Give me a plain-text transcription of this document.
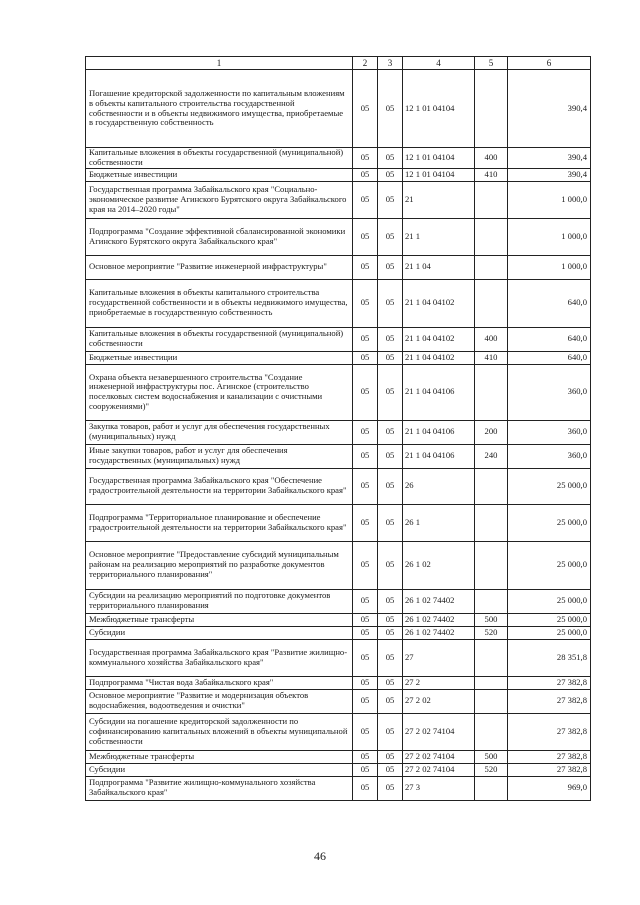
1	2	3	4	5	6
Погашение кредиторской задолженности по капитальным вложениям в объекты капитального строительства государственной собственности и в объекты недвижимого имущества, приобретаемые в государственную собственность	05	05	12 1 01 04104		390,4
Капитальные вложения в объекты государственной (муниципальной) собственности	05	05	12 1 01 04104	400	390,4
Бюджетные инвестиции	05	05	12 1 01 04104	410	390,4
Государственная программа Забайкальского края "Социально-экономическое развитие Агинского Бурятского округа Забайкальского края на 2014–2020 годы"	05	05	21		1 000,0
Подпрограмма "Создание эффективной сбалансированной экономики Агинского Бурятского округа Забайкальского края"	05	05	21 1		1 000,0
Основное мероприятие "Развитие инженерной инфраструктуры"	05	05	21 1 04		1 000,0
Капитальные вложения в объекты капитального строительства государственной собственности и в объекты недвижимого имущества, приобретаемые в государственную собственность	05	05	21 1 04 04102		640,0
Капитальные вложения в объекты государственной (муниципальной) собственности	05	05	21 1 04 04102	400	640,0
Бюджетные инвестиции	05	05	21 1 04 04102	410	640,0
Охрана объекта незавершенного строительства "Создание инженерной инфраструктуры пос. Агинское (строительство поселковых систем водоснабжения и канализации с очистными сооружениями)"	05	05	21 1 04 04106		360,0
Закупка товаров, работ и услуг для обеспечения государственных (муниципальных) нужд	05	05	21 1 04 04106	200	360,0
Иные закупки товаров, работ и услуг для обеспечения государственных (муниципальных) нужд	05	05	21 1 04 04106	240	360,0
Государственная программа Забайкальского края "Обеспечение градостроительной деятельности на территории Забайкальского края"	05	05	26		25 000,0
Подпрограмма "Территориальное планирование и обеспечение градостроительной деятельности на территории Забайкальского края"	05	05	26 1		25 000,0
Основное мероприятие "Предоставление субсидий муниципальным районам на реализацию мероприятий по разработке документов территориального планирования"	05	05	26 1 02		25 000,0
Субсидии на реализацию мероприятий по подготовке документов территориального планирования	05	05	26 1 02 74402		25 000,0
Межбюджетные трансферты	05	05	26 1 02 74402	500	25 000,0
Субсидии	05	05	26 1 02 74402	520	25 000,0
Государственная программа Забайкальского края "Развитие жилищно-коммунального хозяйства Забайкальского края"	05	05	27		28 351,8
Подпрограмма "Чистая вода Забайкальского края"	05	05	27 2		27 382,8
Основное мероприятие "Развитие и модернизация объектов водоснабжения, водоотведения и очистки"	05	05	27 2 02		27 382,8
Субсидии на погашение кредиторской задолженности по софинансированию капитальных вложений в объекты муниципальной собственности	05	05	27 2 02 74104		27 382,8
Межбюджетные трансферты	05	05	27 2 02 74104	500	27 382,8
Субсидии	05	05	27 2 02 74104	520	27 382,8
Подпрограмма "Развитие жилищно-коммунального хозяйства Забайкальского края"	05	05	27 3		969,0
46
